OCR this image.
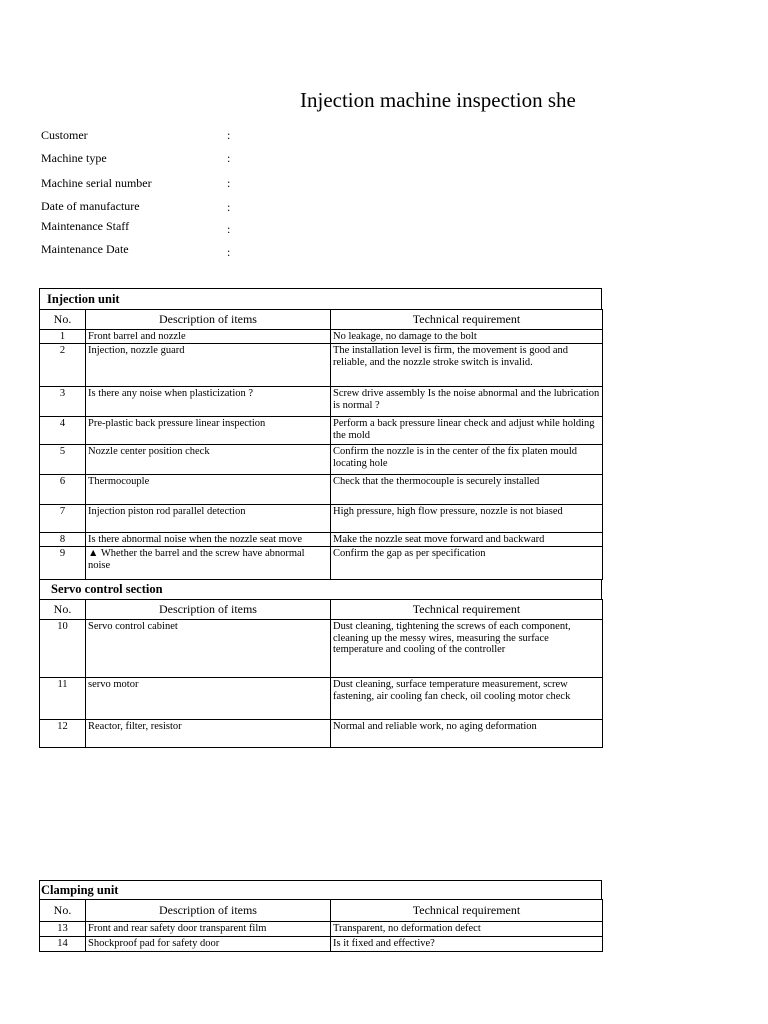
Injection machine inspection she
Customer	:
Machine type	:
Machine serial number	:
Date of manufacture	:
Maintenance Staff	:
Maintenance Date	:
Injection unit
No.	Description of items	Technical requirement
1	Front barrel and nozzle	No leakage, no damage to the bolt
2	Injection, nozzle guard	The installation level is firm, the movement is good and reliable, and the nozzle stroke switch is invalid.
3	Is there any noise when plasticization ?	Screw drive assembly Is the noise abnormal and the lubrication is normal ?
4	Pre-plastic back pressure linear inspection	Perform a back pressure linear check and adjust while holding the mold
5	Nozzle center position check	Confirm the nozzle is in the center of the fix platen mould locating hole
6	Thermocouple	Check that the thermocouple is securely installed
7	Injection piston rod parallel detection	High pressure, high flow pressure, nozzle is not biased
8	Is there abnormal noise when the nozzle seat move	Make the nozzle seat move forward and backward
9	▲ Whether the barrel and the screw have abnormal noise	Confirm the gap as per specification
Servo control section
No.	Description of items	Technical requirement
10	Servo control cabinet	Dust cleaning, tightening the screws of each component, cleaning up the messy wires, measuring the surface temperature and cooling of the controller
11	servo motor	Dust cleaning, surface temperature measurement, screw fastening, air cooling fan check, oil cooling motor check
12	Reactor, filter, resistor	Normal and reliable work, no aging deformation
Clamping unit
No.	Description of items	Technical requirement
13	Front and rear safety door transparent film	Transparent, no deformation defect
14	Shockproof pad for safety door	Is it fixed and effective?
